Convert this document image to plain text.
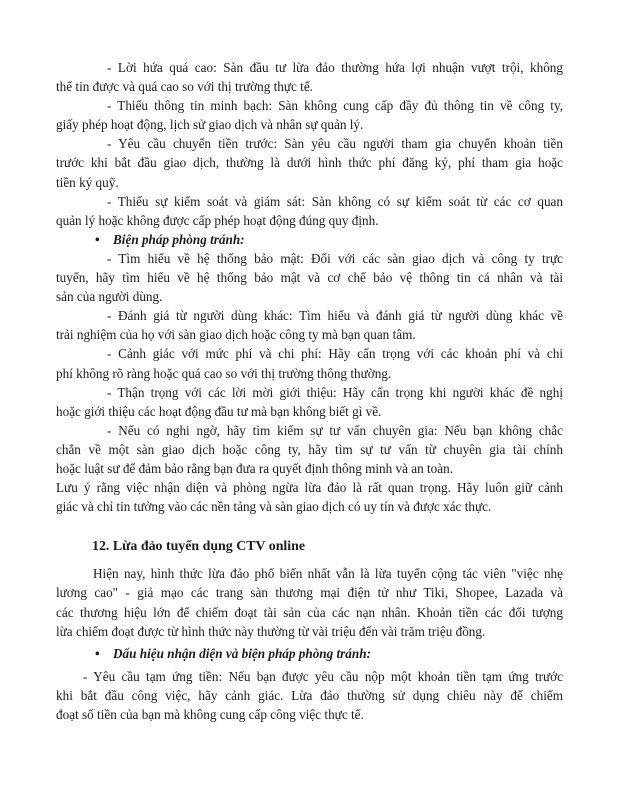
- Lời hứa quá cao: Sàn đầu tư lừa đảo thường hứa lợi nhuận vượt trội, không
thể tin được và quá cao so với thị trường thực tế.
- Thiếu thông tin minh bạch: Sàn không cung cấp đầy đủ thông tin về công ty,
giấy phép hoạt động, lịch sử giao dịch và nhân sự quản lý.
- Yêu cầu chuyển tiền trước: Sàn yêu cầu người tham gia chuyển khoản tiền
trước khi bắt đầu giao dịch, thường là dưới hình thức phí đăng ký, phí tham gia hoặc
tiền ký quỹ.
- Thiếu sự kiểm soát và giám sát: Sàn không có sự kiểm soát từ các cơ quan
quản lý hoặc không được cấp phép hoạt động đúng quy định.
• Biện pháp phòng tránh:
- Tìm hiểu về hệ thống bảo mật: Đối với các sàn giao dịch và công ty trực
tuyến, hãy tìm hiểu về hệ thống bảo mật và cơ chế bảo vệ thông tin cá nhân và tài
sản của người dùng.
- Đánh giá từ người dùng khác: Tìm hiểu và đánh giá từ người dùng khác về
trải nghiệm của họ với sàn giao dịch hoặc công ty mà bạn quan tâm.
- Cảnh giác với mức phí và chi phí: Hãy cẩn trọng với các khoản phí và chi
phí không rõ ràng hoặc quá cao so với thị trường thông thường.
- Thận trọng với các lời mời giới thiệu: Hãy cẩn trọng khi người khác đề nghị
hoặc giới thiệu các hoạt động đầu tư mà bạn không biết gì về.
- Nếu có nghi ngờ, hãy tìm kiếm sự tư vấn chuyên gia: Nếu bạn không chắc
chắn về một sàn giao dịch hoặc công ty, hãy tìm sự tư vấn từ chuyên gia tài chính
hoặc luật sư để đảm bảo rằng bạn đưa ra quyết định thông minh và an toàn.
Lưu ý rằng việc nhận diện và phòng ngừa lừa đảo là rất quan trọng. Hãy luôn giữ cảnh
giác và chỉ tin tưởng vào các nền tảng và sàn giao dịch có uy tín và được xác thực.
12. Lừa đảo tuyển dụng CTV online
Hiện nay, hình thức lừa đảo phổ biến nhất vẫn là lừa tuyển cộng tác viên "việc nhẹ
lương cao" - giả mạo các trang sàn thương mại điện tử như Tiki, Shopee, Lazada và
các thương hiệu lớn để chiếm đoạt tài sản của các nạn nhân. Khoản tiền các đối tượng
lừa chiếm đoạt được từ hình thức này thường từ vài triệu đến vài trăm triệu đồng.
• Dấu hiệu nhận diện và biện pháp phòng tránh:
- Yêu cầu tạm ứng tiền: Nếu bạn được yêu cầu nộp một khoản tiền tạm ứng trước
khi bắt đầu công việc, hãy cảnh giác. Lừa đảo thường sử dụng chiêu này để chiếm
đoạt số tiền của bạn mà không cung cấp công việc thực tế.
